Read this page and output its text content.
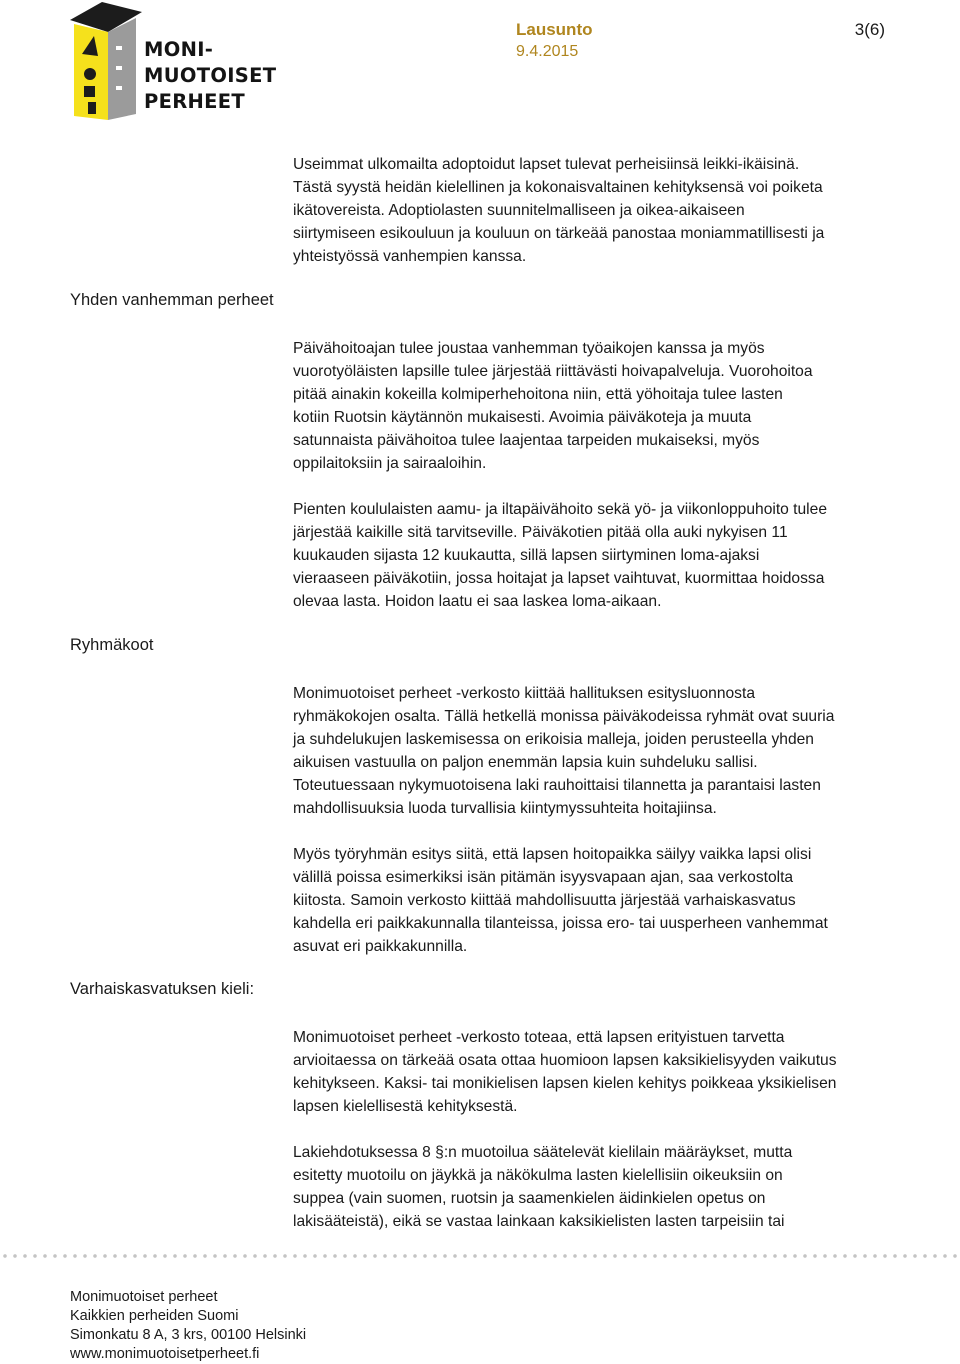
MONI-
MUOTOISET
PERHEET
Lausunto
9.4.2015
3(6)
Useimmat ulkomailta adoptoidut lapset tulevat perheisiinsä leikki-ikäisinä.
Tästä syystä heidän kielellinen ja kokonaisvaltainen kehityksensä voi poiketa
ikätovereista. Adoptiolasten suunnitelmalliseen ja oikea-aikaiseen
siirtymiseen esikouluun ja kouluun on tärkeää panostaa moniammatillisesti ja
yhteistyössä vanhempien kanssa.
Yhden vanhemman perheet
Päivähoitoajan tulee joustaa vanhemman työaikojen kanssa ja myös
vuorotyöläisten lapsille tulee järjestää riittävästi hoivapalveluja. Vuorohoitoa
pitää ainakin kokeilla kolmiperhehoitona niin, että yöhoitaja tulee lasten
kotiin Ruotsin käytännön mukaisesti. Avoimia päiväkoteja ja muuta
satunnaista päivähoitoa tulee laajentaa tarpeiden mukaiseksi, myös
oppilaitoksiin ja sairaaloihin.
Pienten koululaisten aamu- ja iltapäivähoito sekä yö- ja viikonloppuhoito tulee
järjestää kaikille sitä tarvitseville. Päiväkotien pitää olla auki nykyisen 11
kuukauden sijasta 12 kuukautta, sillä lapsen siirtyminen loma-ajaksi
vieraaseen päiväkotiin, jossa hoitajat ja lapset vaihtuvat, kuormittaa hoidossa
olevaa lasta. Hoidon laatu ei saa laskea loma-aikaan.
Ryhmäkoot
Monimuotoiset perheet -verkosto kiittää hallituksen esitysluonnosta
ryhmäkokojen osalta. Tällä hetkellä monissa päiväkodeissa ryhmät ovat suuria
ja suhdelukujen laskemisessa on erikoisia malleja, joiden perusteella yhden
aikuisen vastuulla on paljon enemmän lapsia kuin suhdeluku sallisi.
Toteutuessaan nykymuotoisena laki rauhoittaisi tilannetta ja parantaisi lasten
mahdollisuuksia luoda turvallisia kiintymyssuhteita hoitajiinsa.
Myös työryhmän esitys siitä, että lapsen hoitopaikka säilyy vaikka lapsi olisi
välillä poissa esimerkiksi isän pitämän isyysvapaan ajan, saa verkostolta
kiitosta. Samoin verkosto kiittää mahdollisuutta järjestää varhaiskasvatus
kahdella eri paikkakunnalla tilanteissa, joissa ero- tai uusperheen vanhemmat
asuvat eri paikkakunnilla.
Varhaiskasvatuksen kieli:
Monimuotoiset perheet -verkosto toteaa, että lapsen erityistuen tarvetta
arvioitaessa on tärkeää osata ottaa huomioon lapsen kaksikielisyyden vaikutus
kehitykseen. Kaksi- tai monikielisen lapsen kielen kehitys poikkeaa yksikielisen
lapsen kielellisestä kehityksestä.
Lakiehdotuksessa 8 §:n muotoilua säätelevät kielilain määräykset, mutta
esitetty muotoilu on jäykkä ja näkökulma lasten kielellisiin oikeuksiin on
suppea (vain suomen, ruotsin ja saamenkielen äidinkielen opetus on
lakisääteistä), eikä se vastaa lainkaan kaksikielisten lasten tarpeisiin tai
Monimuotoiset perheet
Kaikkien perheiden Suomi
Simonkatu 8 A, 3 krs, 00100 Helsinki
www.monimuotoisetperheet.fi
